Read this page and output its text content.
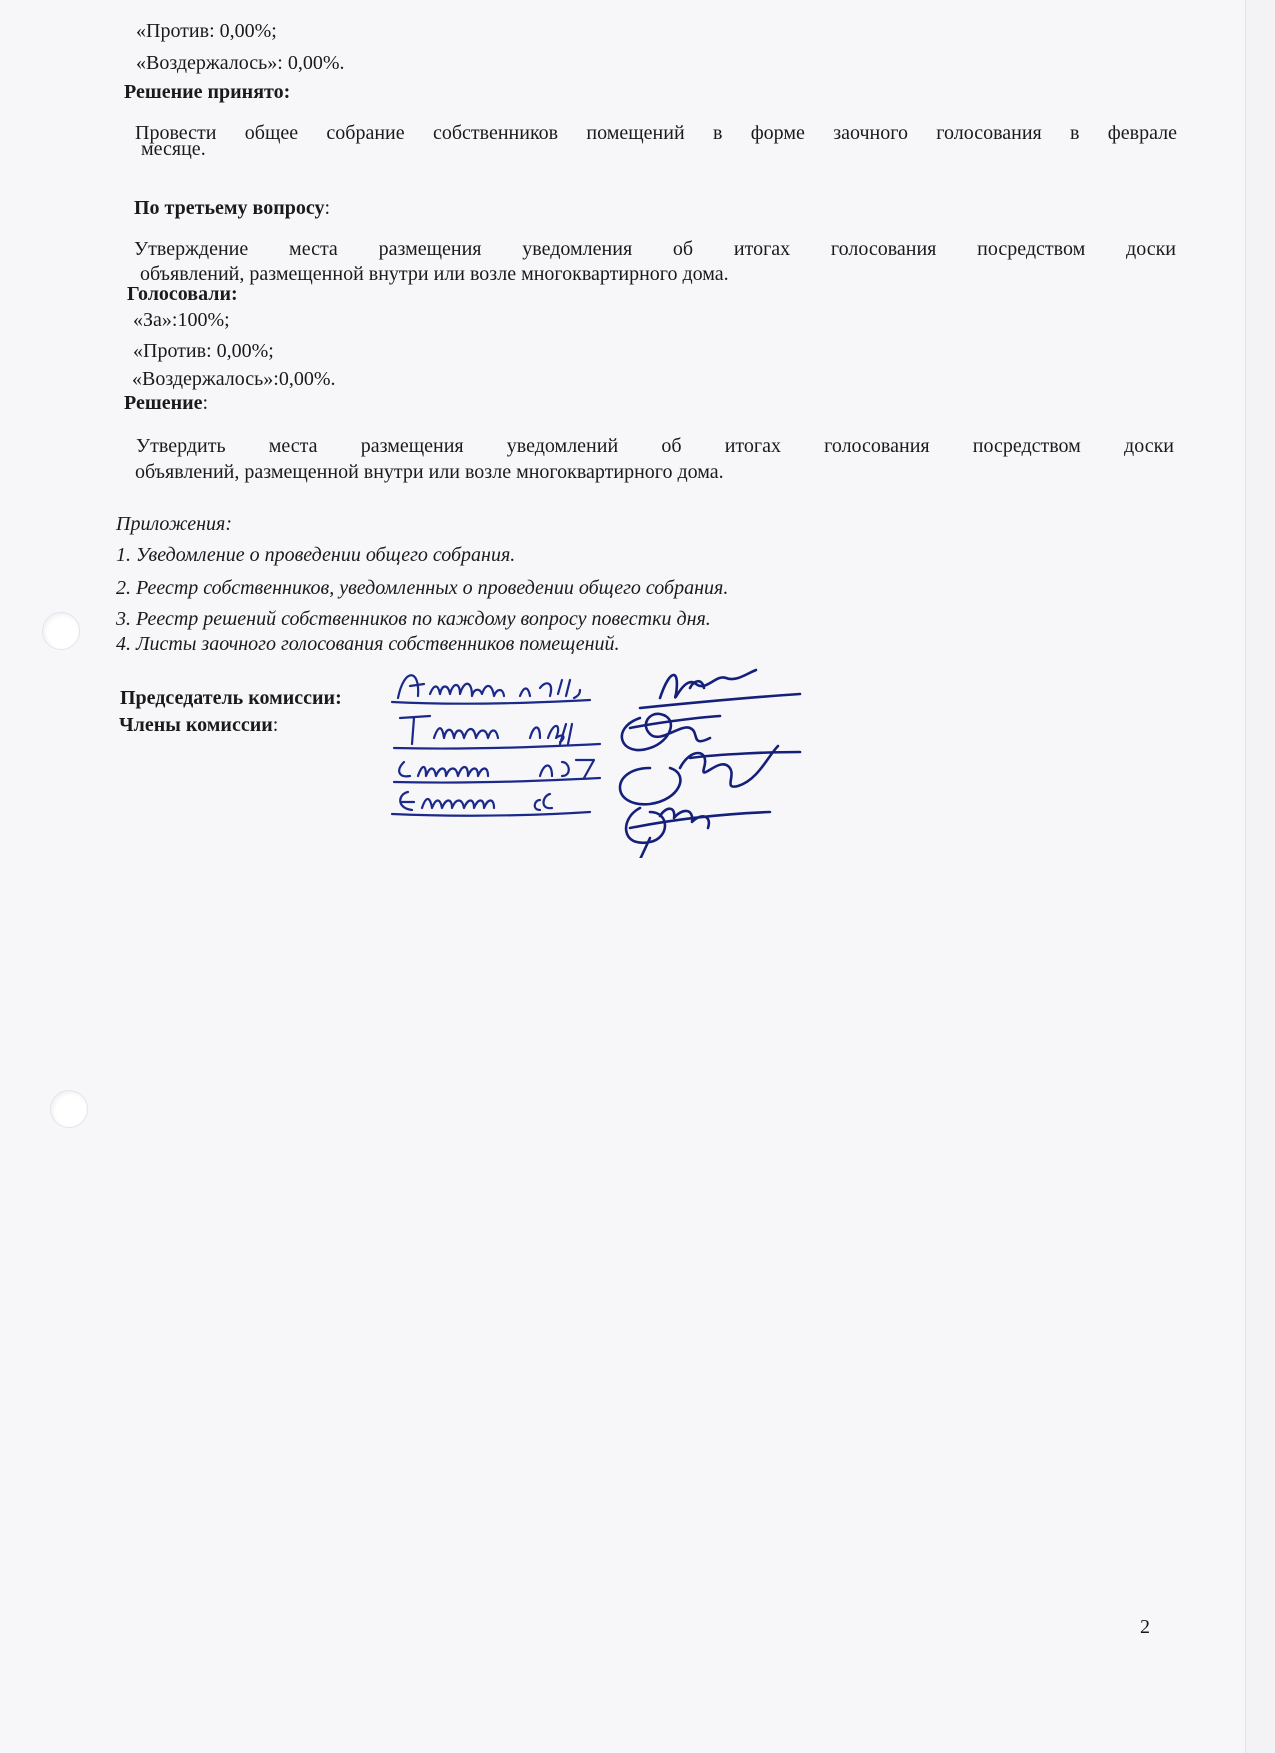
«Против: 0,00%;
«Воздержалось»: 0,00%.
Решение принято:
Провести общее собрание собственников помещений в форме заочного голосования в феврале
месяце.
По третьему вопросу:
Утверждение места размещения уведомления об итогах голосования посредством доски
объявлений, размещенной внутри или возле многоквартирного дома.
Голосовали:
«За»:100%;
«Против: 0,00%;
«Воздержалось»:0,00%.
Решение:
Утвердить места размещения уведомлений об итогах голосования посредством доски
объявлений, размещенной внутри или возле многоквартирного дома.
Приложения:
1. Уведомление о проведении общего собрания.
2. Реестр собственников, уведомленных о проведении общего собрания.
3. Реестр решений собственников по каждому вопросу повестки дня.
4. Листы заочного голосования собственников помещений.
Председатель комиссии:
Члены комиссии:
2
